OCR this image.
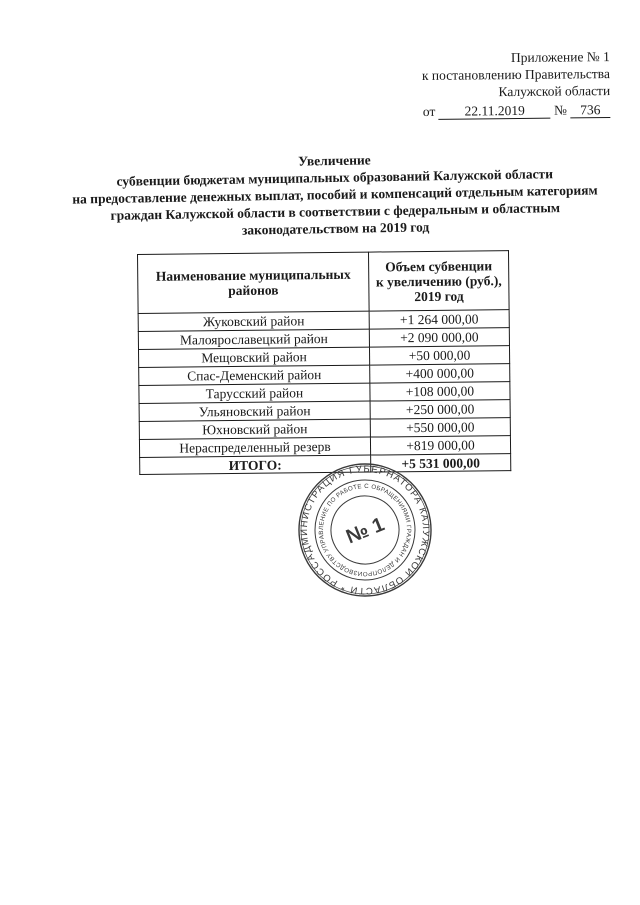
Приложение № 1
к постановлению Правительства
Калужской области
от 22.11.2019 № 736
Увеличение
субвенции бюджетам муниципальных образований Калужской области
на предоставление денежных выплат, пособий и компенсаций отдельным категориям
граждан Калужской области в соответствии с федеральным и областным
законодательством на 2019 год
Наименование муниципальных районов	Объем субвенции
к увеличению (руб.),
2019 год

Жуковский район	+1 264 000,00
Малоярославецкий район	+2 090 000,00
Мещовский район	+50 000,00
Спас-Деменский район	+400 000,00
Тарусский район	+108 000,00
Ульяновский район	+250 000,00
Юхновский район	+550 000,00
Нераспределенный резерв	+819 000,00
ИТОГО:	+5 531 000,00
АДМИНИСТРАЦИЯ ГУБЕРНАТОРА КАЛУЖСКОЙ ОБЛАСТИ * РОССИЙСКАЯ
УПРАВЛЕНИЕ ПО РАБОТЕ С ОБРАЩЕНИЯМИ ГРАЖДАН И ДЕЛОПРОИЗВОДСТВУ
№ 1
